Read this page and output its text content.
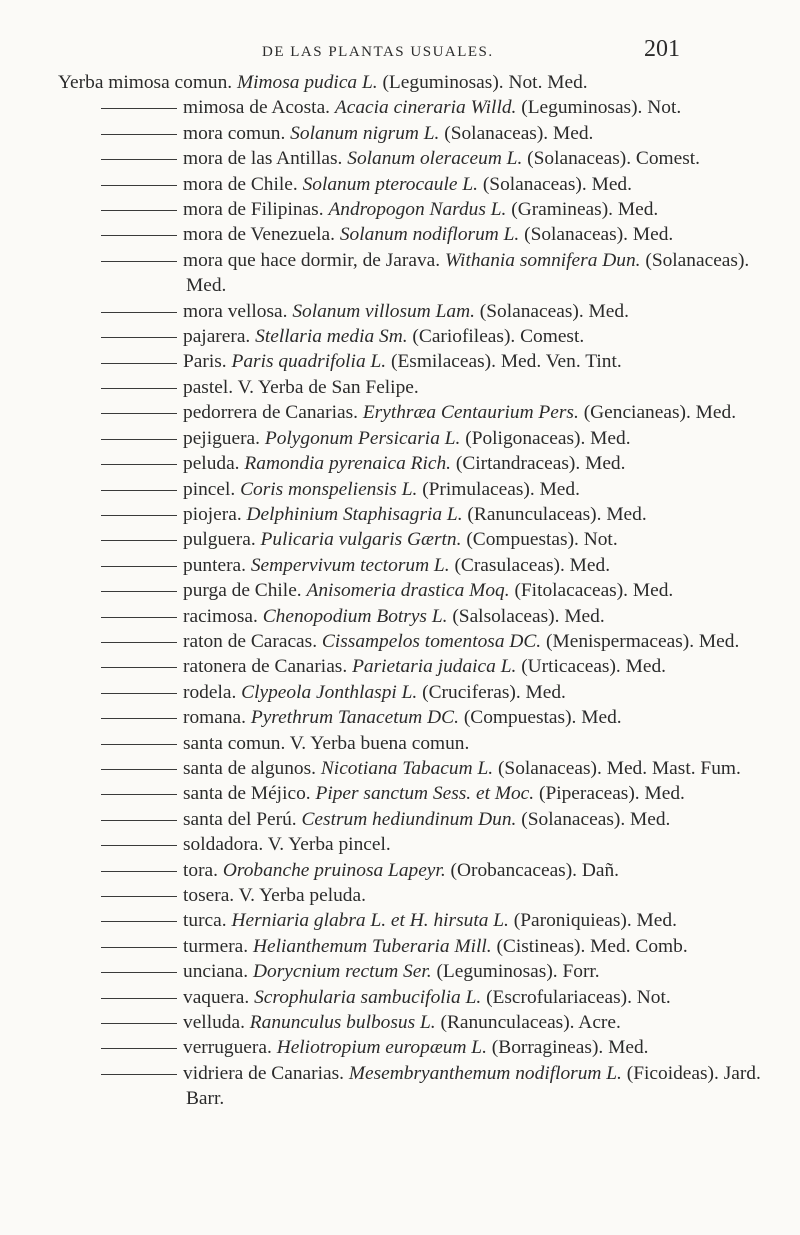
DE LAS PLANTAS USUALES.	201
Yerba mimosa comun. Mimosa pudica L. (Leguminosas). Not. Med.
mimosa de Acosta. Acacia cineraria Willd. (Leguminosas). Not.
mora comun. Solanum nigrum L. (Solanaceas). Med.
mora de las Antillas. Solanum oleraceum L. (Solanaceas). Comest.
mora de Chile. Solanum pterocaule L. (Solanaceas). Med.
mora de Filipinas. Andropogon Nardus L. (Gramineas). Med.
mora de Venezuela. Solanum nodiflorum L. (Solanaceas). Med.
mora que hace dormir, de Jarava. Withania somnifera Dun. (Solanaceas). Med.
mora vellosa. Solanum villosum Lam. (Solanaceas). Med.
pajarera. Stellaria media Sm. (Cariofileas). Comest.
Paris. Paris quadrifolia L. (Esmilaceas). Med. Ven. Tint.
pastel. V. Yerba de San Felipe.
pedorrera de Canarias. Erythræa Centaurium Pers. (Gencianeas). Med.
pejiguera. Polygonum Persicaria L. (Poligonaceas). Med.
peluda. Ramondia pyrenaica Rich. (Cirtandraceas). Med.
pincel. Coris monspeliensis L. (Primulaceas). Med.
piojera. Delphinium Staphisagria L. (Ranunculaceas). Med.
pulguera. Pulicaria vulgaris Gærtn. (Compuestas). Not.
puntera. Sempervivum tectorum L. (Crasulaceas). Med.
purga de Chile. Anisomeria drastica Moq. (Fitolacaceas). Med.
racimosa. Chenopodium Botrys L. (Salsolaceas). Med.
raton de Caracas. Cissampelos tomentosa DC. (Menispermaceas). Med.
ratonera de Canarias. Parietaria judaica L. (Urticaceas). Med.
rodela. Clypeola Jonthlaspi L. (Cruciferas). Med.
romana. Pyrethrum Tanacetum DC. (Compuestas). Med.
santa comun. V. Yerba buena comun.
santa de algunos. Nicotiana Tabacum L. (Solanaceas). Med. Mast. Fum.
santa de Méjico. Piper sanctum Sess. et Moc. (Piperaceas). Med.
santa del Perú. Cestrum hediundinum Dun. (Solanaceas). Med.
soldadora. V. Yerba pincel.
tora. Orobanche pruinosa Lapeyr. (Orobancaceas). Dañ.
tosera. V. Yerba peluda.
turca. Herniaria glabra L. et H. hirsuta L. (Paroniquieas). Med.
turmera. Helianthemum Tuberaria Mill. (Cistineas). Med. Comb.
unciana. Dorycnium rectum Ser. (Leguminosas). Forr.
vaquera. Scrophularia sambucifolia L. (Escrofulariaceas). Not.
velluda. Ranunculus bulbosus L. (Ranunculaceas). Acre.
verruguera. Heliotropium europæum L. (Borragineas). Med.
vidriera de Canarias. Mesembryanthemum nodiflorum L. (Ficoideas). Jard. Barr.
